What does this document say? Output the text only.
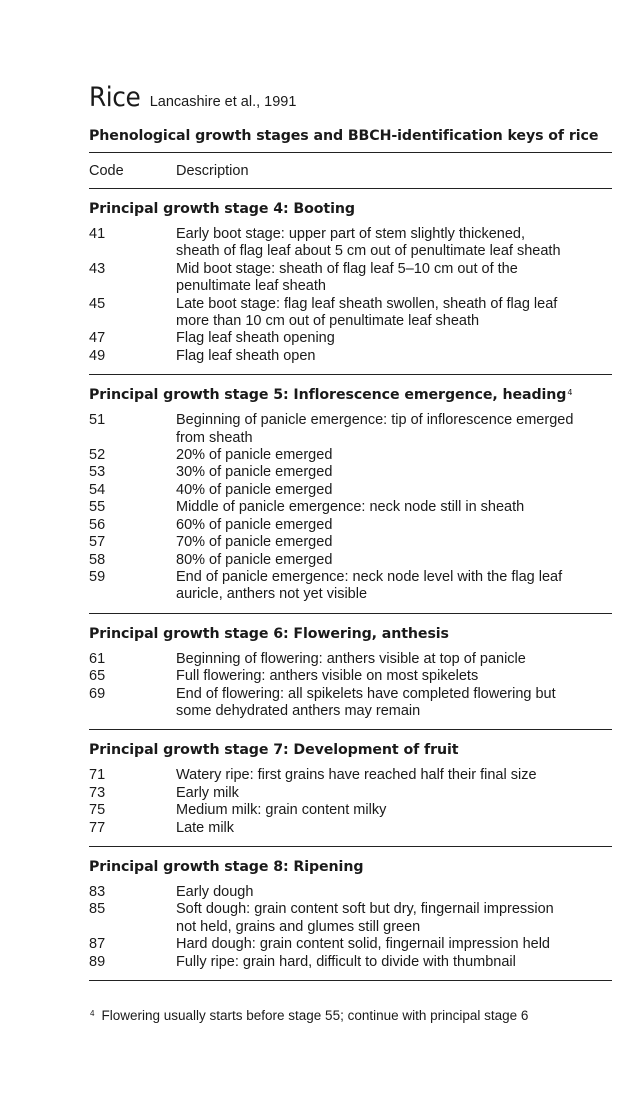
Rice Lancashire et al., 1991
Phenological growth stages and BBCH-identification keys of rice
Code	Description
Principal growth stage 4: Booting
41	Early boot stage: upper part of stem slightly thickened,
sheath of flag leaf about 5 cm out of penultimate leaf sheath
43	Mid boot stage: sheath of flag leaf 5–10 cm out of the
penultimate leaf sheath
45	Late boot stage: flag leaf sheath swollen, sheath of flag leaf
more than 10 cm out of penultimate leaf sheath
47	Flag leaf sheath opening
49	Flag leaf sheath open
Principal growth stage 5: Inflorescence emergence, heading$^4$
51	Beginning of panicle emergence: tip of inflorescence emerged
from sheath
52	20% of panicle emerged
53	30% of panicle emerged
54	40% of panicle emerged
55	Middle of panicle emergence: neck node still in sheath
56	60% of panicle emerged
57	70% of panicle emerged
58	80% of panicle emerged
59	End of panicle emergence: neck node level with the flag leaf
auricle, anthers not yet visible
Principal growth stage 6: Flowering, anthesis
61	Beginning of flowering: anthers visible at top of panicle
65	Full flowering: anthers visible on most spikelets
69	End of flowering: all spikelets have completed flowering but
some dehydrated anthers may remain
Principal growth stage 7: Development of fruit
71	Watery ripe: first grains have reached half their final size
73	Early milk
75	Medium milk: grain content milky
77	Late milk
Principal growth stage 8: Ripening
83	Early dough
85	Soft dough: grain content soft but dry, fingernail impression
not held, grains and glumes still green
87	Hard dough: grain content solid, fingernail impression held
89	Fully ripe: grain hard, difficult to divide with thumbnail
4 Flowering usually starts before stage 55; continue with principal stage 6
